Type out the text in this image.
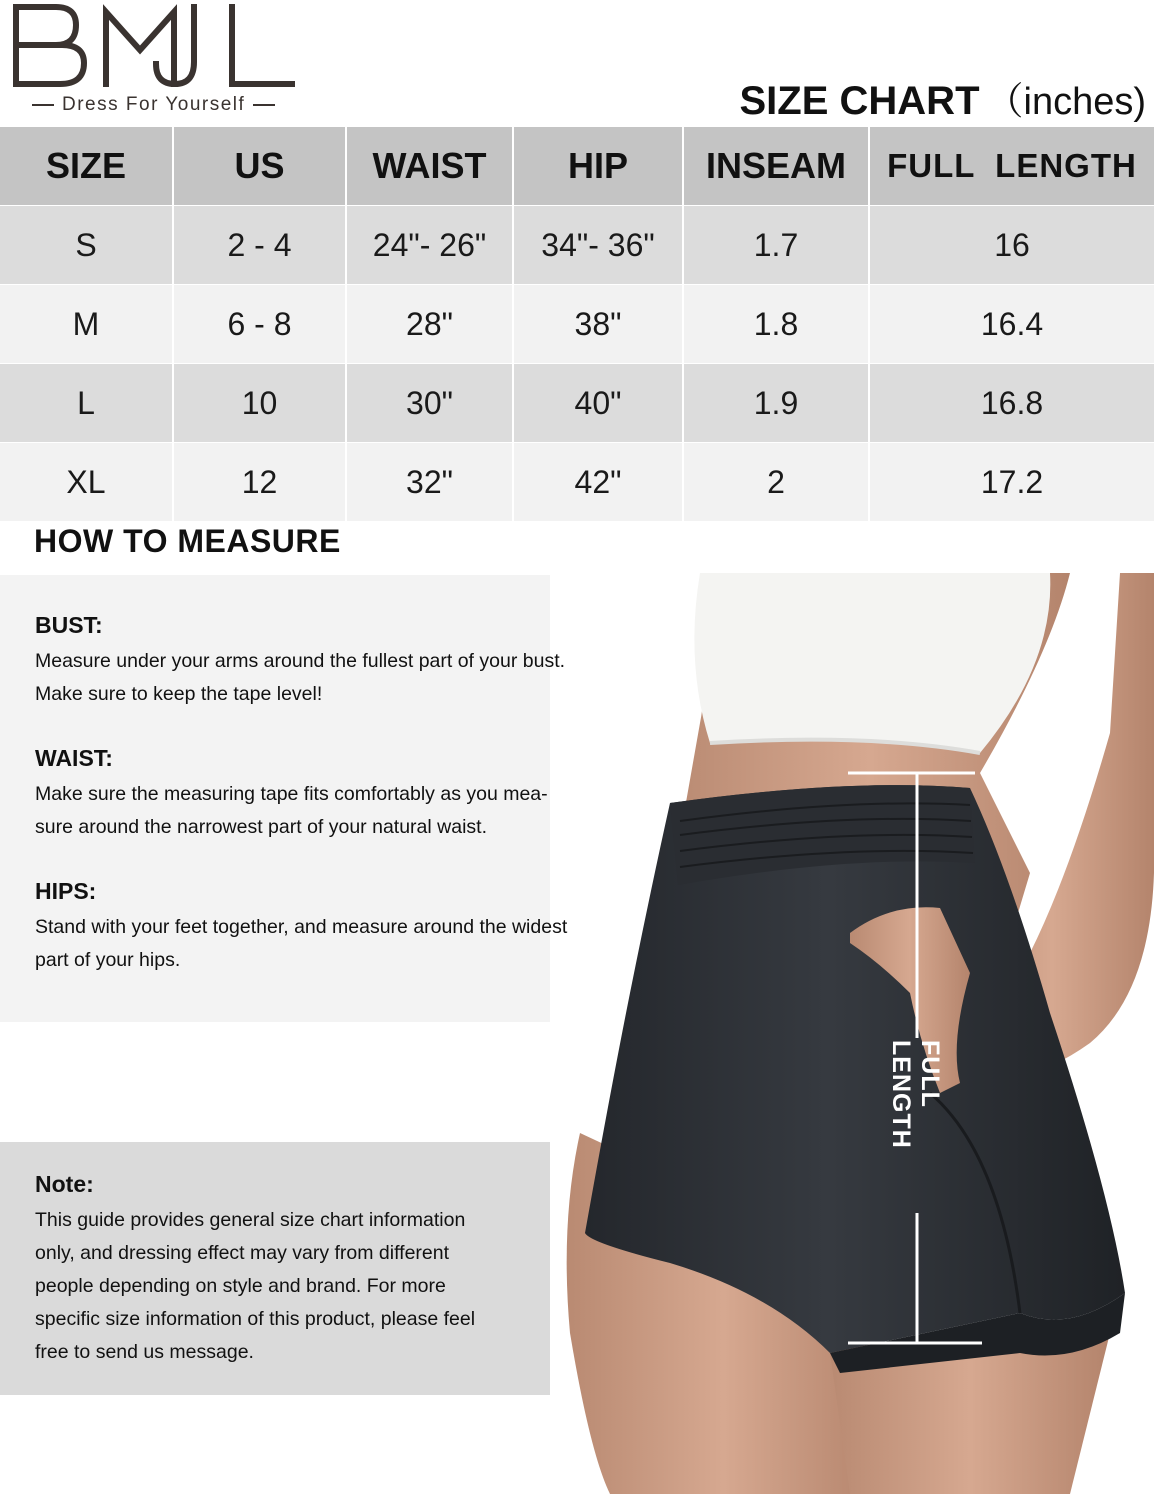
Dress For Yourself	SIZE CHART （inches)
SIZE	US	WAIST	HIP	INSEAM	FULL  LENGTH
S	2 - 4	24"- 26"	34"- 36"	1.7	16
M	6 - 8	28"	38"	1.8	16.4
L	10	30"	40"	1.9	16.8
XL	12	32"	42"	2	17.2
HOW TO MEASURE
FULL LENGTH
BUST:
Measure under your arms around the fullest part of your bust.
Make sure to keep the tape level!
WAIST:
Make sure the measuring tape fits comfortably as you mea-
sure around the narrowest part of your natural waist.
HIPS:
Stand with your feet together, and measure around the widest
part of your hips.
Note:
This guide provides general size chart information
only, and dressing effect may vary from different
people depending on style and brand. For more
specific size information of this product, please feel
free to send us message.
